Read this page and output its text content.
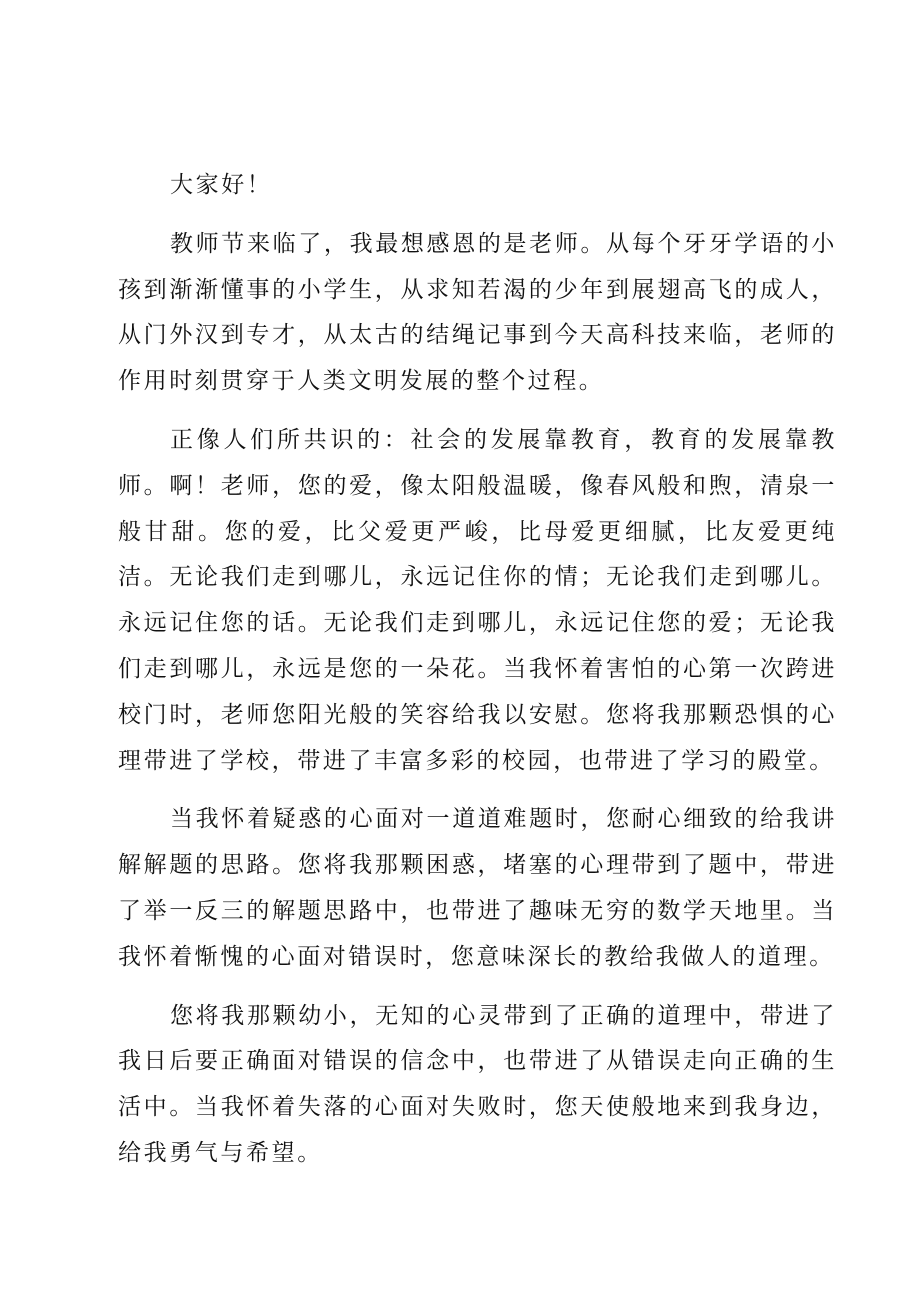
大家好！

教师节来临了，我最想感恩的是老师。从每个牙牙学语的小孩到渐渐懂事的小学生，从求知若渴的少年到展翅高飞的成人，从门外汉到专才，从太古的结绳记事到今天高科技来临，老师的作用时刻贯穿于人类文明发展的整个过程。

正像人们所共识的：社会的发展靠教育，教育的发展靠教师。啊！老师，您的爱，像太阳般温暖，像春风般和煦，清泉一般甘甜。您的爱，比父爱更严峻，比母爱更细腻，比友爱更纯洁。无论我们走到哪儿，永远记住你的情；无论我们走到哪儿。永远记住您的话。无论我们走到哪儿，永远记住您的爱；无论我们走到哪儿，永远是您的一朵花。当我怀着害怕的心第一次跨进校门时，老师您阳光般的笑容给我以安慰。您将我那颗恐惧的心理带进了学校，带进了丰富多彩的校园，也带进了学习的殿堂。

当我怀着疑惑的心面对一道道难题时，您耐心细致的给我讲解解题的思路。您将我那颗困惑，堵塞的心理带到了题中，带进了举一反三的解题思路中，也带进了趣味无穷的数学天地里。当我怀着惭愧的心面对错误时，您意味深长的教给我做人的道理。

您将我那颗幼小，无知的心灵带到了正确的道理中，带进了我日后要正确面对错误的信念中，也带进了从错误走向正确的生活中。当我怀着失落的心面对失败时，您天使般地来到我身边，给我勇气与希望。
